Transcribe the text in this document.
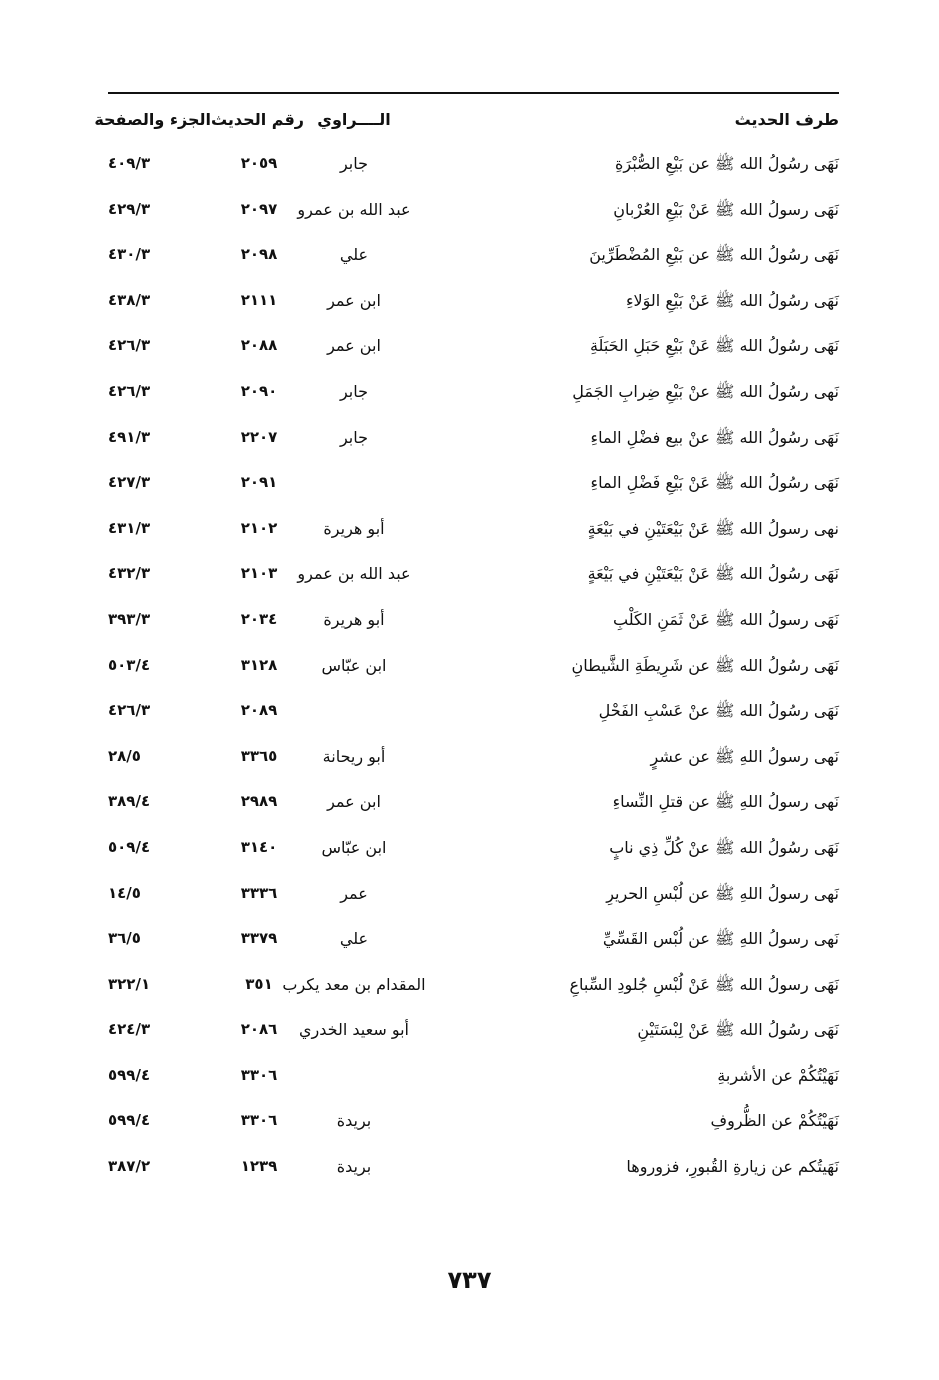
طرف الحديث
الــــراوي
رقم الحديث
الجزء والصفحة
نَهَى رسُولُ الله ﷺ عن بَيْعِ الصُّبْرَةِ
جابر
٢٠٥٩
٤٠٩/٣
نَهَى رسولُ الله ﷺ عَنْ بَيْعِ العُرْبانِ
عبد الله بن عمرو
٢٠٩٧
٤٢٩/٣
نَهَى رسُولُ الله ﷺ عن بَيْعِ المُضْطَرِّينَ
علي
٢٠٩٨
٤٣٠/٣
نَهَى رسُولُ الله ﷺ عَنْ بَيْعِ الوَلاءِ
ابن عمر
٢١١١
٤٣٨/٣
نَهَى رسُولُ الله ﷺ عَنْ بَيْعِ حَبَلِ الحَبَلَةِ
ابن عمر
٢٠٨٨
٤٢٦/٣
نَهى رسُولُ الله ﷺ عنْ بَيْعِ ضِرابِ الجَمَلِ
جابر
٢٠٩٠
٤٢٦/٣
نَهَى رسُولُ الله ﷺ عنْ بيع فضْلِ الماءِ
جابر
٢٢٠٧
٤٩١/٣
نَهَى رسُولُ الله ﷺ عَنْ بَيْعِ فَضْلِ الماءِ
٢٠٩١
٤٢٧/٣
نهى رسولُ الله ﷺ عَنْ بَيْعَتَيْنِ في بَيْعَةٍ
أبو هريرة
٢١٠٢
٤٣١/٣
نَهَى رسُولُ الله ﷺ عَنْ بَيْعَتَيْنِ في بَيْعَةٍ
عبد الله بن عمرو
٢١٠٣
٤٣٢/٣
نَهَى رسولُ الله ﷺ عَنْ ثَمَنِ الكَلْبِ
أبو هريرة
٢٠٣٤
٣٩٣/٣
نَهَى رسُولُ الله ﷺ عن شَرِيطَةِ الشَّيطانِ
ابن عبّاس
٣١٢٨
٥٠٣/٤
نَهَى رسُولُ الله ﷺ عنْ عَسْبِ الفَحْلِ
٢٠٨٩
٤٢٦/٣
نَهى رسولُ اللهِ ﷺ عن عشرٍ
أبو ريحانة
٣٣٦٥
٢٨/٥
نَهى رسولُ اللهِ ﷺ عن قتلِ النِّساءِ
ابن عمر
٢٩٨٩
٣٨٩/٤
نَهَى رسُولُ الله ﷺ عنْ كُلِّ ذِي نابٍ
ابن عبّاس
٣١٤٠
٥٠٩/٤
نَهى رسولُ اللهِ ﷺ عن لُبْسِ الحريرِ
عمر
٣٣٣٦
١٤/٥
نَهى رسولُ اللهِ ﷺ عن لُبْس القَسِّيِّ
علي
٣٣٧٩
٣٦/٥
نَهَى رسولُ الله ﷺ عَنْ لُبْسِ جُلودِ السِّباعِ
المقدام بن معد يكرب
٣٥١
٣٢٢/١
نَهَى رسُولُ الله ﷺ عَنْ لِبْسَتَيْنِ
أبو سعيد الخدري
٢٠٨٦
٤٢٤/٣
نَهَيْتُكُمْ عن الأشربةِ
٣٣٠٦
٥٩٩/٤
نَهَيْتُكُمْ عن الظُّروفِ
بريدة
٣٣٠٦
٥٩٩/٤
نَهَيتُكم عن زيارةِ القُبورِ، فزوروها
بريدة
١٢٣٩
٣٨٧/٢
٧٣٧
